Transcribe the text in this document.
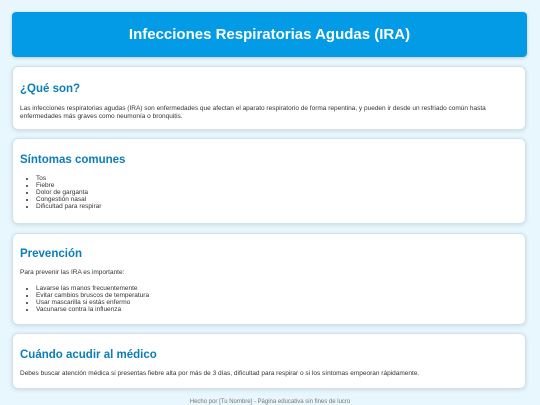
Infecciones Respiratorias Agudas (IRA)
¿Qué son?

Las infecciones respiratorias agudas (IRA) son enfermedades que afectan el aparato respiratorio de forma repentina, y pueden ir desde un resfriado común hasta enfermedades más graves como neumonía o bronquitis.

Síntomas comunes
• Tos
• Fiebre
• Dolor de garganta
• Congestión nasal
• Dificultad para respirar
Prevención

Para prevenir las IRA es importante:

• Lavarse las manos frecuentemente
• Evitar cambios bruscos de temperatura
• Usar mascarilla si estás enfermo
• Vacunarse contra la influenza
Cuándo acudir al médico

Debes buscar atención médica si presentas fiebre alta por más de 3 días, dificultad para respirar o si los síntomas empeoran rápidamente.

Hecho por [Tu Nombre] - Página educativa sin fines de lucro
